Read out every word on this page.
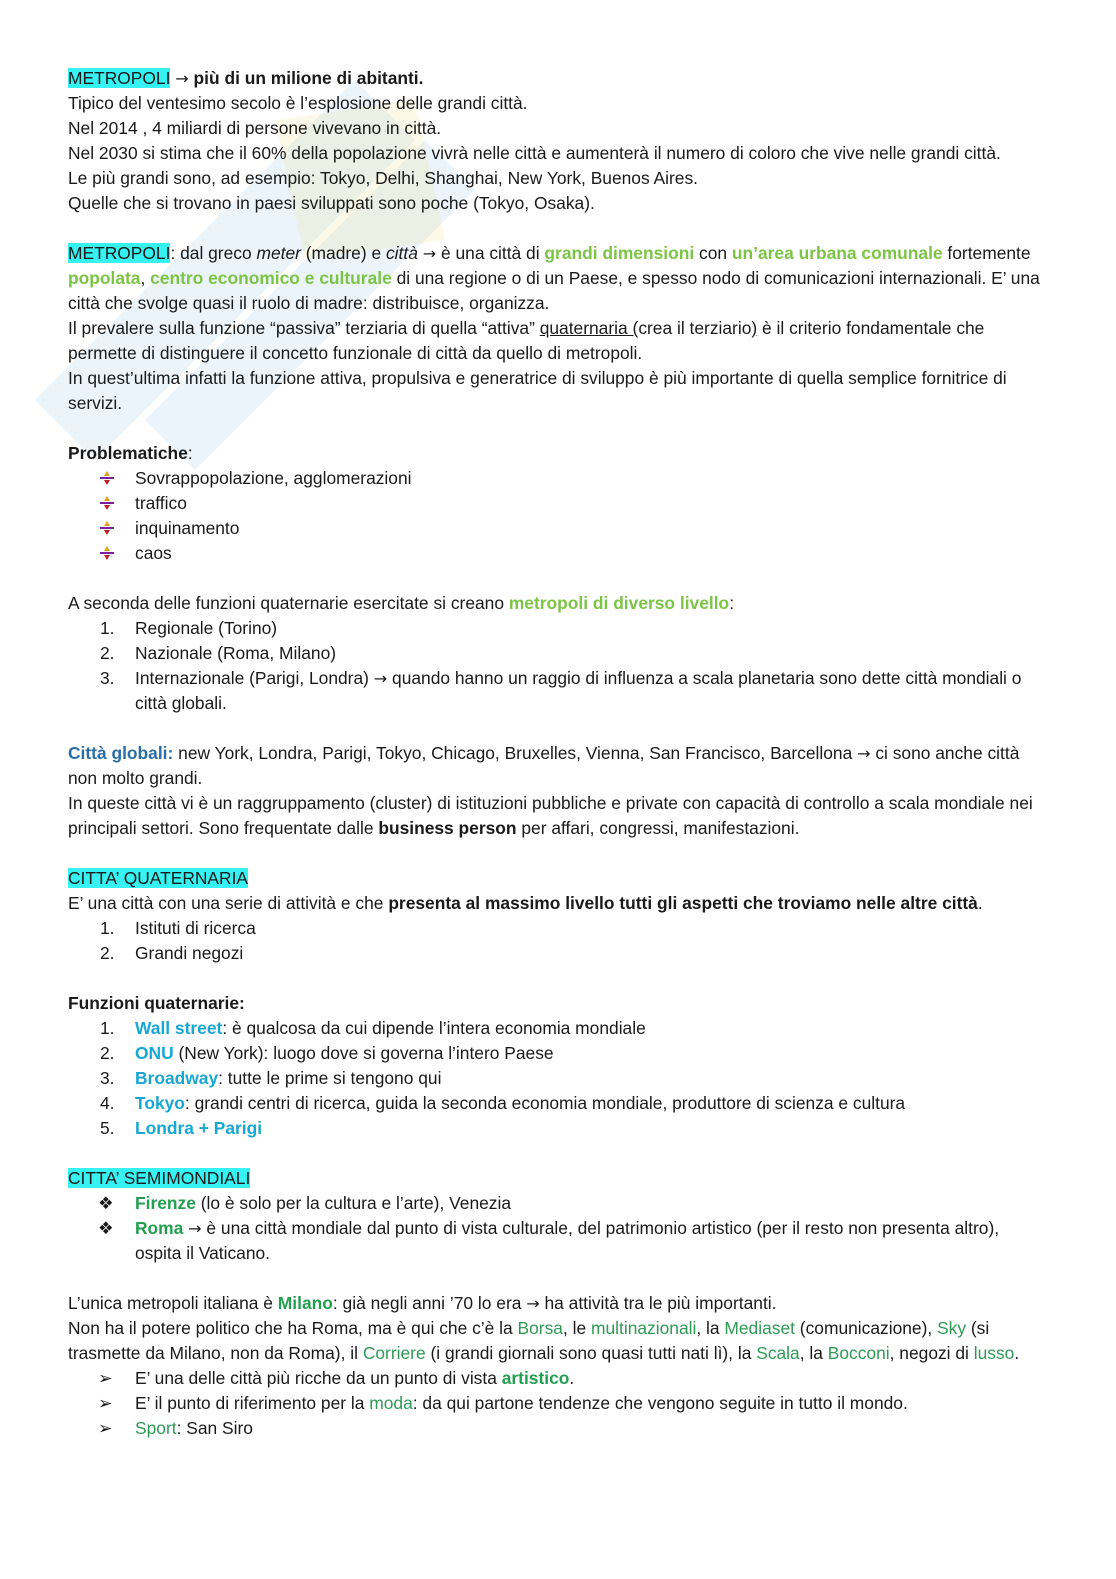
METROPOLI → più di un milione di abitanti.

Tipico del ventesimo secolo è l’esplosione delle grandi città.

Nel 2014 , 4 miliardi di persone vivevano in città.

Nel 2030 si stima che il 60% della popolazione vivrà nelle città e aumenterà il numero di coloro che vive nelle grandi città.

Le più grandi sono, ad esempio: Tokyo, Delhi, Shanghai, New York, Buenos Aires.

Quelle che si trovano in paesi sviluppati sono poche (Tokyo, Osaka).

METROPOLI: dal greco meter (madre) e città → è una città di grandi dimensioni con un’area urbana comunale fortemente popolata, centro economico e culturale di una regione o di un Paese, e spesso nodo di comunicazioni internazionali. E’ una città che svolge quasi il ruolo di madre: distribuisce, organizza.

Il prevalere sulla funzione “passiva” terziaria di quella “attiva” quaternaria (crea il terziario) è il criterio fondamentale che permette di distinguere il concetto funzionale di città da quello di metropoli.

In quest’ultima infatti la funzione attiva, propulsiva e generatrice di sviluppo è più importante di quella semplice fornitrice di servizi.

Problematiche:

Sovrappopolazione, agglomerazioni
traffico
inquinamento
caos

A seconda delle funzioni quaternarie esercitate si creano metropoli di diverso livello:

1. Regionale (Torino)
2. Nazionale (Roma, Milano)
3. Internazionale (Parigi, Londra) → quando hanno un raggio di influenza a scala planetaria sono dette città mondiali o città globali.

Città globali: new York, Londra, Parigi, Tokyo, Chicago, Bruxelles, Vienna, San Francisco, Barcellona → ci sono anche città non molto grandi.

In queste città vi è un raggruppamento (cluster) di istituzioni pubbliche e private con capacità di controllo a scala mondiale nei principali settori. Sono frequentate dalle business person per affari, congressi, manifestazioni.

CITTA’ QUATERNARIA

E’ una città con una serie di attività e che presenta al massimo livello tutti gli aspetti che troviamo nelle altre città.

1. Istituti di ricerca
2. Grandi negozi

Funzioni quaternarie:

1. Wall street: è qualcosa da cui dipende l’intera economia mondiale
2. ONU (New York): luogo dove si governa l’intero Paese
3. Broadway: tutte le prime si tengono qui
4. Tokyo: grandi centri di ricerca, guida la seconda economia mondiale, produttore di scienza e cultura
5. Londra + Parigi

CITTA’ SEMIMONDIALI

❖	Firenze (lo è solo per la cultura e l’arte), Venezia
❖	Roma → è una città mondiale dal punto di vista culturale, del patrimonio artistico (per il resto non presenta altro), ospita il Vaticano.

L’unica metropoli italiana è Milano: già negli anni ’70 lo era → ha attività tra le più importanti.

Non ha il potere politico che ha Roma, ma è qui che c’è la Borsa, le multinazionali, la Mediaset (comunicazione), Sky (si trasmette da Milano, non da Roma), il Corriere (i grandi giornali sono quasi tutti nati lì), la Scala, la Bocconi, negozi di lusso.

➢	E’ una delle città più ricche da un punto di vista artistico.
➢	E’ il punto di riferimento per la moda: da qui partone tendenze che vengono seguite in tutto il mondo.
➢	Sport: San Siro
